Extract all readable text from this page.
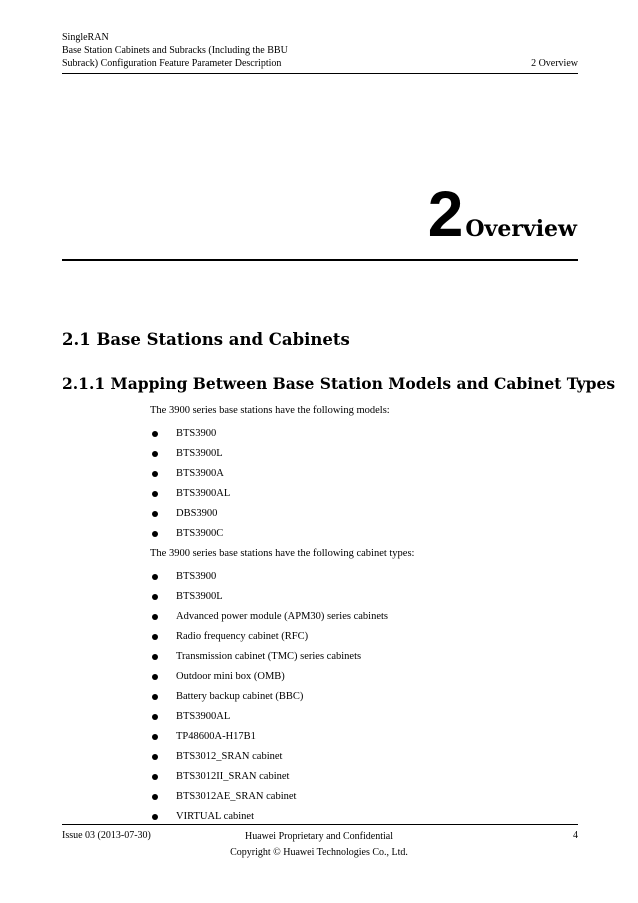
SingleRAN
Base Station Cabinets and Subracks (Including the BBU
Subrack) Configuration Feature Parameter Description	2 Overview
2 Overview
2.1 Base Stations and Cabinets
2.1.1 Mapping Between Base Station Models and Cabinet Types
The 3900 series base stations have the following models:
BTS3900
BTS3900L
BTS3900A
BTS3900AL
DBS3900
BTS3900C
The 3900 series base stations have the following cabinet types:
BTS3900
BTS3900L
Advanced power module (APM30) series cabinets
Radio frequency cabinet (RFC)
Transmission cabinet (TMC) series cabinets
Outdoor mini box (OMB)
Battery backup cabinet (BBC)
BTS3900AL
TP48600A-H17B1
BTS3012_SRAN cabinet
BTS3012II_SRAN cabinet
BTS3012AE_SRAN cabinet
VIRTUAL cabinet
Issue 03 (2013-07-30)	Huawei Proprietary and Confidential
Copyright © Huawei Technologies Co., Ltd.
4
